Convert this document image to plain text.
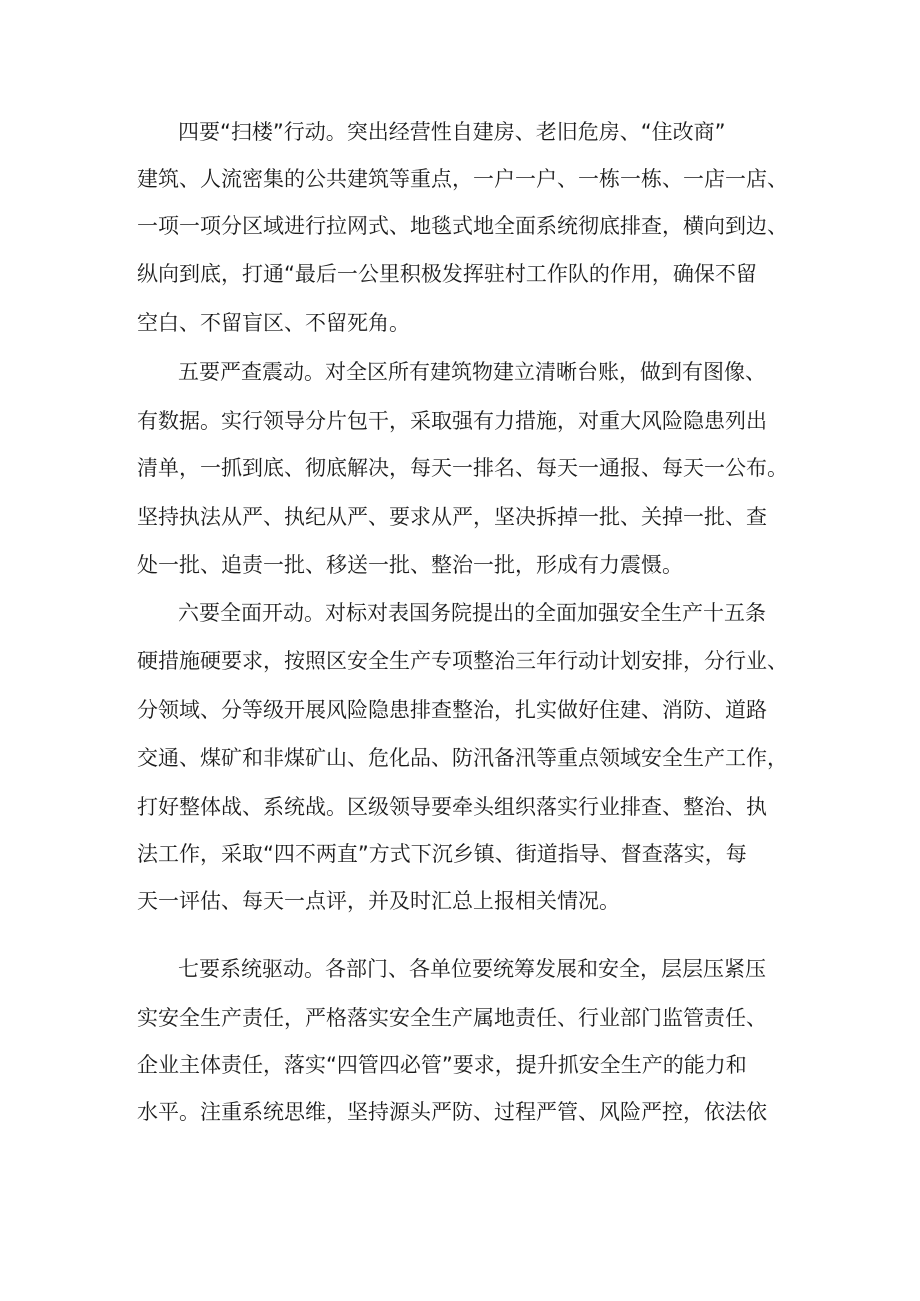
四要“扫楼”行动。突出经营性自建房、老旧危房、“住改商”
建筑、人流密集的公共建筑等重点，一户一户、一栋一栋、一店一店、
一项一项分区域进行拉网式、地毯式地全面系统彻底排查，横向到边、
纵向到底，打通“最后一公里积极发挥驻村工作队的作用，确保不留
空白、不留盲区、不留死角。
五要严查震动。对全区所有建筑物建立清晰台账，做到有图像、
有数据。实行领导分片包干，采取强有力措施，对重大风险隐患列出
清单，一抓到底、彻底解决，每天一排名、每天一通报、每天一公布。
坚持执法从严、执纪从严、要求从严，坚决拆掉一批、关掉一批、查
处一批、追责一批、移送一批、整治一批，形成有力震慑。
六要全面开动。对标对表国务院提出的全面加强安全生产十五条
硬措施硬要求，按照区安全生产专项整治三年行动计划安排，分行业、
分领域、分等级开展风险隐患排查整治，扎实做好住建、消防、道路
交通、煤矿和非煤矿山、危化品、防汛备汛等重点领域安全生产工作，
打好整体战、系统战。区级领导要牵头组织落实行业排查、整治、执
法工作，采取“四不两直”方式下沉乡镇、街道指导、督查落实，每
天一评估、每天一点评，并及时汇总上报相关情况。
七要系统驱动。各部门、各单位要统筹发展和安全，层层压紧压
实安全生产责任，严格落实安全生产属地责任、行业部门监管责任、
企业主体责任，落实“四管四必管”要求，提升抓安全生产的能力和
水平。注重系统思维，坚持源头严防、过程严管、风险严控，依法依
